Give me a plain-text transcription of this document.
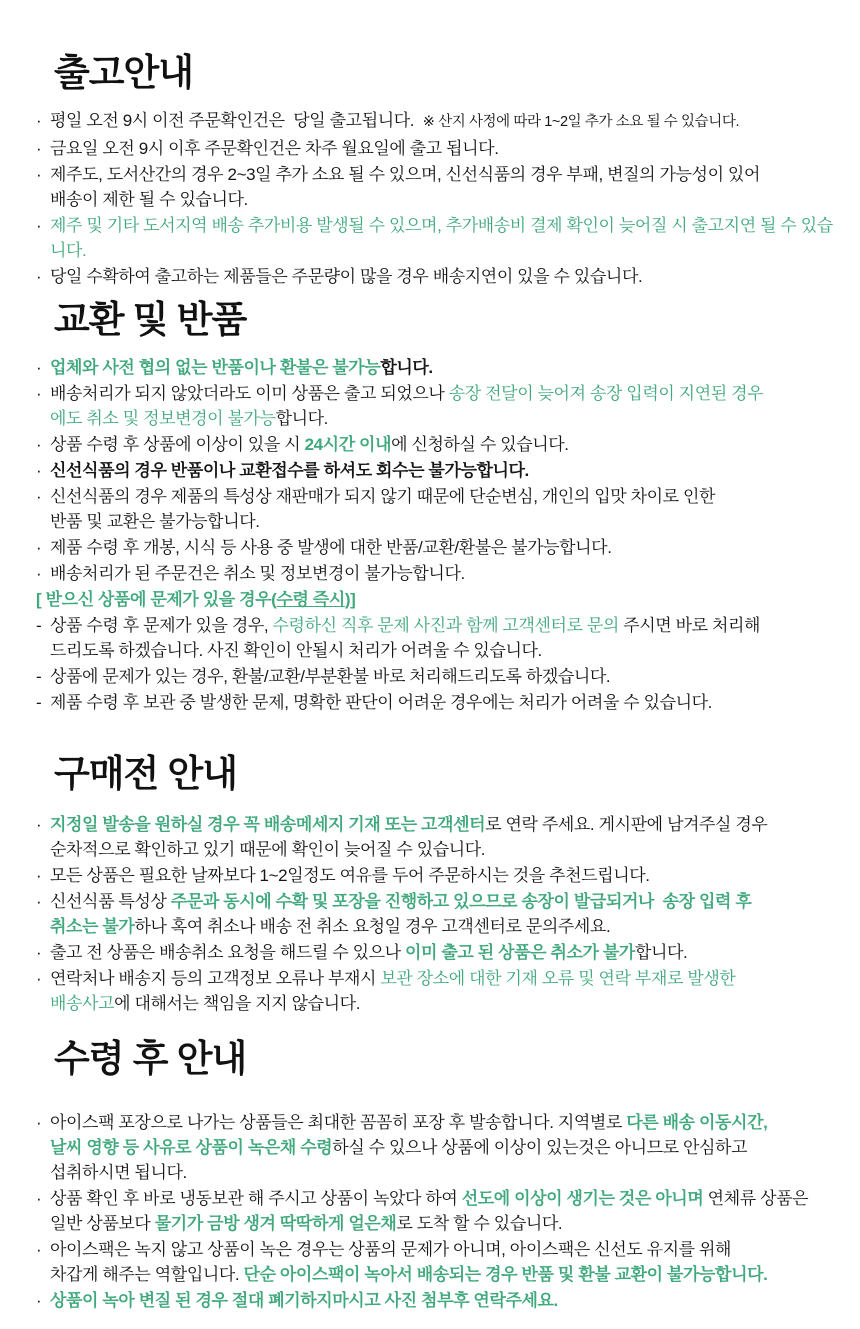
출고안내
· 평일 오전 9시 이전 주문확인건은  당일 출고됩니다.  ※ 산지 사정에 따라 1~2일 추가 소요 될 수 있습니다.
· 금요일 오전 9시 이후 주문확인건은 차주 월요일에 출고 됩니다.
· 제주도, 도서산간의 경우 2~3일 추가 소요 될 수 있으며, 신선식품의 경우 부패, 변질의 가능성이 있어
배송이 제한 될 수 있습니다.
· 제주 및 기타 도서지역 배송 추가비용 발생될 수 있으며, 추가배송비 결제 확인이 늦어질 시 출고지연 될 수 있습니다.
· 당일 수확하여 출고하는 제품들은 주문량이 많을 경우 배송지연이 있을 수 있습니다.
교환 및 반품
· 업체와 사전 협의 없는 반품이나 환불은 불가능합니다.
· 배송처리가 되지 않았더라도 이미 상품은 출고 되었으나 송장 전달이 늦어져 송장 입력이 지연된 경우
에도 취소 및 정보변경이 불가능합니다.
· 상품 수령 후 상품에 이상이 있을 시 24시간 이내에 신청하실 수 있습니다.
· 신선식품의 경우 반품이나 교환접수를 하셔도 회수는 불가능합니다.
· 신선식품의 경우 제품의 특성상 재판매가 되지 않기 때문에 단순변심, 개인의 입맛 차이로 인한
반품 및 교환은 불가능합니다.
· 제품 수령 후 개봉, 시식 등 사용 중 발생에 대한 반품/교환/환불은 불가능합니다.
· 배송처리가 된 주문건은 취소 및 정보변경이 불가능합니다.
[ 받으신 상품에 문제가 있을 경우(수령 즉시)]
- 상품 수령 후 문제가 있을 경우, 수령하신 직후 문제 사진과 함께 고객센터로 문의 주시면 바로 처리해
드리도록 하겠습니다. 사진 확인이 안될시 처리가 어려울 수 있습니다.
- 상품에 문제가 있는 경우, 환불/교환/부분환불 바로 처리해드리도록 하겠습니다.
- 제품 수령 후 보관 중 발생한 문제, 명확한 판단이 어려운 경우에는 처리가 어려울 수 있습니다.
구매전 안내
· 지정일 발송을 원하실 경우 꼭 배송메세지 기재 또는 고객센터로 연락 주세요. 게시판에 남겨주실 경우
순차적으로 확인하고 있기 때문에 확인이 늦어질 수 있습니다.
· 모든 상품은 필요한 날짜보다 1~2일정도 여유를 두어 주문하시는 것을 추천드립니다.
· 신선식품 특성상 주문과 동시에 수확 및 포장을 진행하고 있으므로 송장이 발급되거나  송장 입력 후
취소는 불가하나 혹여 취소나 배송 전 취소 요청일 경우 고객센터로 문의주세요.
· 출고 전 상품은 배송취소 요청을 해드릴 수 있으나 이미 출고 된 상품은 취소가 불가합니다.
· 연락처나 배송지 등의 고객정보 오류나 부재시 보관 장소에 대한 기재 오류 및 연락 부재로 발생한
배송사고에 대해서는 책임을 지지 않습니다.
수령 후 안내
· 아이스팩 포장으로 나가는 상품들은 최대한 꼼꼼히 포장 후 발송합니다. 지역별로 다른 배송 이동시간,
날씨 영향 등 사유로 상품이 녹은채 수령하실 수 있으나 상품에 이상이 있는것은 아니므로 안심하고
섭취하시면 됩니다.
· 상품 확인 후 바로 냉동보관 해 주시고 상품이 녹았다 하여 선도에 이상이 생기는 것은 아니며 연체류 상품은
일반 상품보다 물기가 금방 생겨 딱딱하게 얼은채로 도착 할 수 있습니다.
· 아이스팩은 녹지 않고 상품이 녹은 경우는 상품의 문제가 아니며, 아이스팩은 신선도 유지를 위해
차갑게 해주는 역할입니다. 단순 아이스팩이 녹아서 배송되는 경우 반품 및 환불 교환이 불가능합니다.
· 상품이 녹아 변질 된 경우 절대 폐기하지마시고 사진 첨부후 연락주세요.
